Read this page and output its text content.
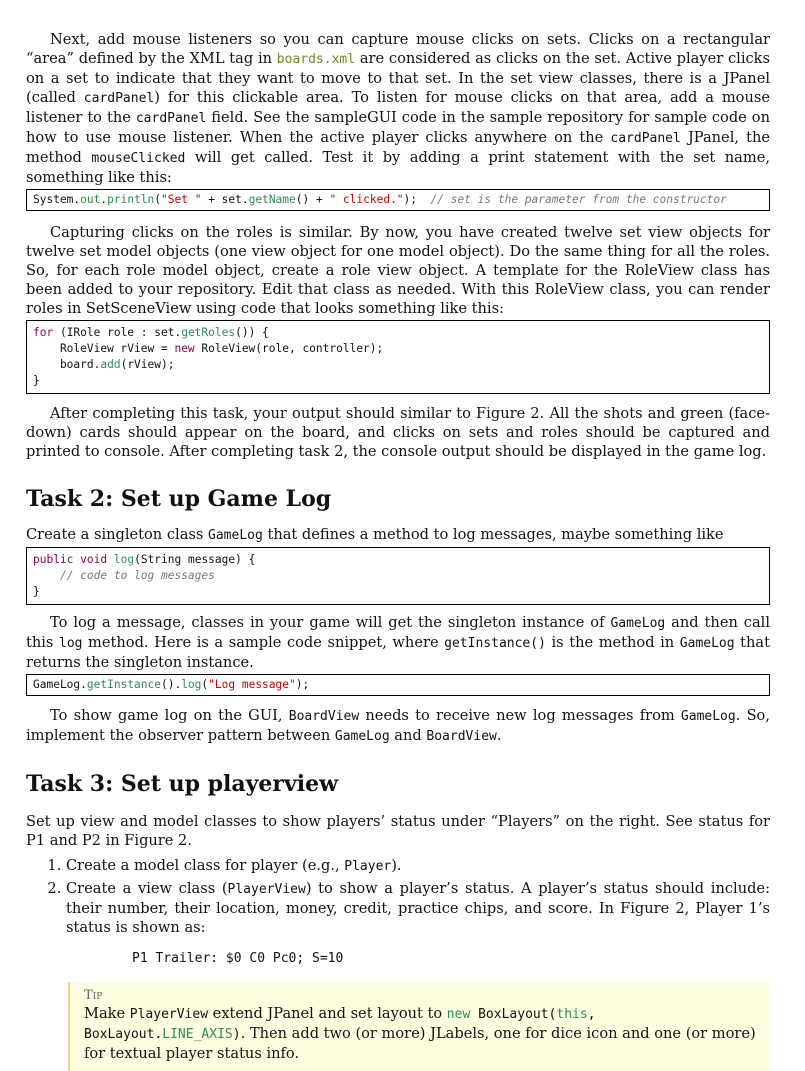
Next, add mouse listeners so you can capture mouse clicks on sets. Clicks on a rectangular “area” defined by the XML tag in boards.xml are considered as clicks on the set. Active player clicks on a set to indicate that they want to move to that set. In the set view classes, there is a JPanel (called cardPanel) for this clickable area. To listen for mouse clicks on that area, add a mouse listener to the cardPanel field. See the sampleGUI code in the sample repository for sample code on how to use mouse listener. When the active player clicks anywhere on the cardPanel JPanel, the method mouseClicked will get called. Test it by adding a print statement with the set name, something like this:

System.out.println("Set " + set.getName() + " clicked.");  // set is the parameter from the constructor

Capturing clicks on the roles is similar. By now, you have created twelve set view objects for twelve set model objects (one view object for one model object). Do the same thing for all the roles. So, for each role model object, create a role view object. A template for the RoleView class has been added to your repository. Edit that class as needed. With this RoleView class, you can render roles in SetSceneView using code that looks something like this:

for (IRole role : set.getRoles()) {
RoleView rView = new RoleView(role, controller);
board.add(rView);
}

After completing this task, your output should similar to Figure 2. All the shots and green (face-down) cards should appear on the board, and clicks on sets and roles should be captured and printed to console. After completing task 2, the console output should be displayed in the game log.

Task 2: Set up Game Log

Create a singleton class GameLog that defines a method to log messages, maybe something like

public void log(String message) {
// code to log messages
}

To log a message, classes in your game will get the singleton instance of GameLog and then call this log method. Here is a sample code snippet, where getInstance() is the method in GameLog that returns the singleton instance.

GameLog.getInstance().log("Log message");

To show game log on the GUI, BoardView needs to receive new log messages from GameLog. So, implement the observer pattern between GameLog and BoardView.

Task 3: Set up playerview

Set up view and model classes to show players’ status under “Players” on the right. See status for P1 and P2 in Figure 2.

1. Create a model class for player (e.g., Player).
2. Create a view class (PlayerView) to show a player’s status. A player’s status should include: their number, their location, money, credit, practice chips, and score. In Figure 2, Player 1’s status is shown as:

P1 Trailer: $0 C0 Pc0; S=10

Tip

Make PlayerView extend JPanel and set layout to new BoxLayout(this, BoxLayout.LINE_AXIS). Then add two (or more) JLabels, one for dice icon and one (or more) for textual player status info.
